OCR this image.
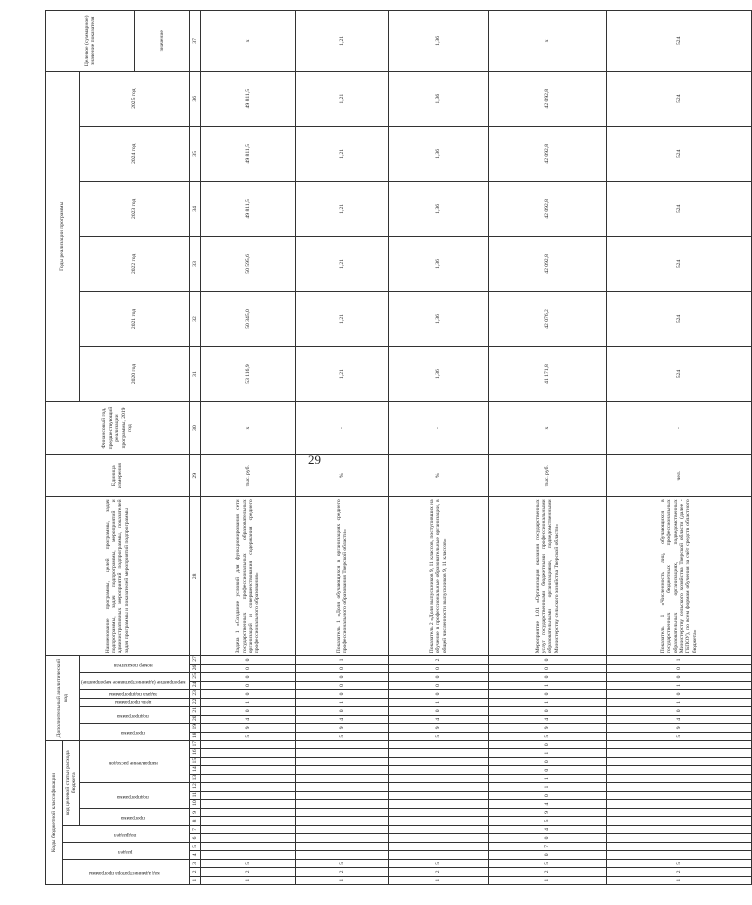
29
Коды бюджетной классификации																	Дополнительный аналитический код										Наименование программы, целей программы, задач подпрограммы, задач подпрограммы, мероприятий и административных мероприятий подпрограммы, показателей задач программы и показателей мероприятий подпрограммы	Единица измерения	Финансовый год, предшествующий реализации программы, 2019 год	Годы реализации программы						Целевое (суммарное) значение показателя
код администратора программы			раздел		подраздел		код целевой статьи расхода бюджета																													
							программа		подпрограмма			направление расходов					программа		подпрограмма		цель программы	задача подпрограммы	мероприятие (административное мероприятие)		номер показателя					2020 год	2021 год	2022 год	2023 год	2024 год	2025 год	
																																				значение
1	2	3	4	5	6	7	8	9	10	11	12	13	14	15	16	17	18	19	20	21	22	23	24	25	26	27	28	29	30	31	32	33	34	35	36	37
1	2	5															5	9	4	0	1	0	0	0	0	0	Задача 1 «Создание условий для функционирования сети государственных профессиональных образовательных организаций и совершенствования содержания среднего профессионального образования»	тыс. руб.	х	53 116,9	50 345,0	50 595,6	49 811,5	49 811,5	49 811,5	х
1	2	5															5	9	4	0	1	0	0	0	0	1	Показатель 1 «Доля обучающихся в организациях среднего профессионального образования Тверской области»	%	-	1,21	1,21	1,21	1,21	1,21	1,21	1,21
1	2	5															5	9	4	0	1	0	0	0	0	2	Показатель 2 «Доля выпускников 9, 11 классов, поступивших на обучение в профессиональные образовательные организации, в общей численности выпускников 9, 11 классов»	%	-	1,36	1,36	1,36	1,36	1,36	1,36	1,36
1	2	5	0	7	0	4	5	9	4	0	1	1	0	0	1	0	5	9	4	0	1	0	1	0	0	0	Мероприятие 1.01 «Организация оказания государственных услуг государственными бюджетными профессиональными образовательными организациями, подведомственными Министерству сельского хозяйства Тверской области»	тыс. руб.	х	41 171,8	42 076,2	42 092,8	42 092,8	42 092,8	42 092,8	х
1	2	5															5	9	4	0	1	0	1	0	0	1	Показатель 1 «Численность лиц, обучающихся в государственных бюджетных профессиональных образовательных организациях, подведомственных Министерству сельского хозяйства Тверской области (далее - ГБПОУ), по всем формам обучения за счёт средств областного бюджета»	чел.	-	524	524	524	524	524	524	524
